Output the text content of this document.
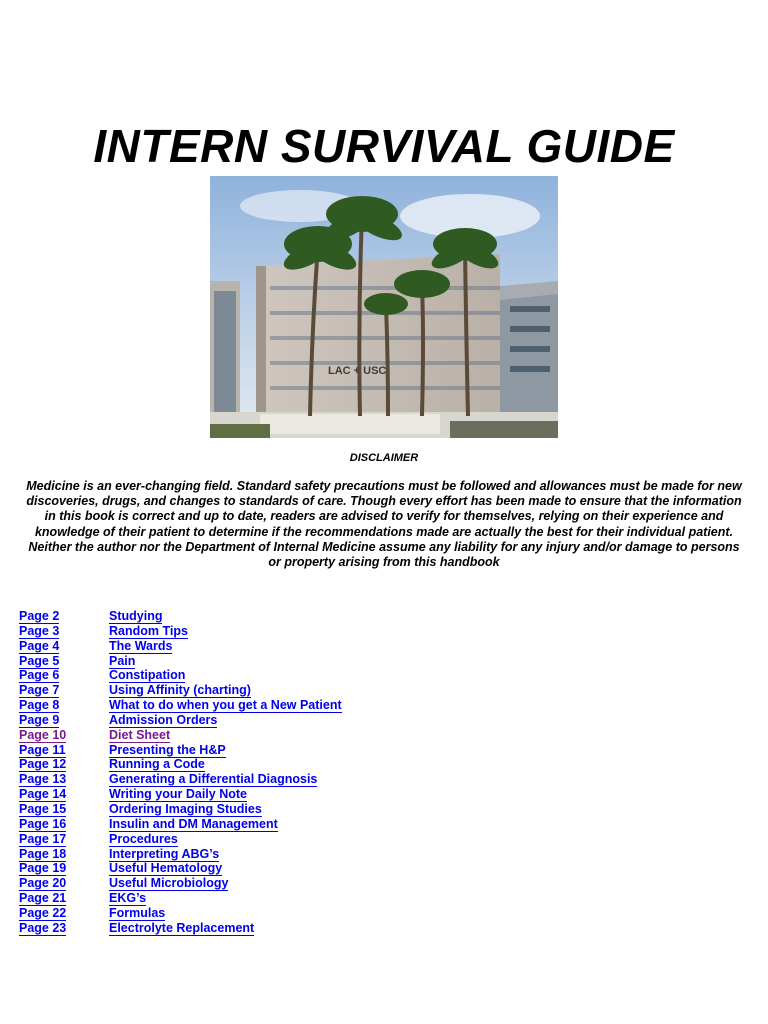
INTERN SURVIVAL GUIDE
LAC + USC
DISCLAIMER
Medicine is an ever-changing field. Standard safety precautions must be followed and allowances must be made for new discoveries, drugs, and changes to standards of care. Though every effort has been made to ensure that the information in this book is correct and up to date, readers are advised to verify for themselves, relying on their experience and knowledge of their patient to determine if the recommendations made are actually the best for their individual patient. Neither the author nor the Department of Internal Medicine assume any liability for any injury and/or damage to persons or property arising from this handbook
Page 2	Studying
Page 3	Random Tips
Page 4	The Wards
Page 5	Pain
Page 6	Constipation
Page 7	Using Affinity (charting)
Page 8	What to do when you get a New Patient
Page 9	Admission Orders
Page 10	Diet Sheet
Page 11	Presenting the H&P
Page 12	Running a Code
Page 13	Generating a Differential Diagnosis
Page 14	Writing your Daily Note
Page 15	Ordering Imaging Studies
Page 16	Insulin and DM Management
Page 17	Procedures
Page 18	Interpreting ABG’s
Page 19	Useful Hematology
Page 20	Useful Microbiology
Page 21	EKG’s
Page 22	Formulas
Page 23	Electrolyte Replacement
